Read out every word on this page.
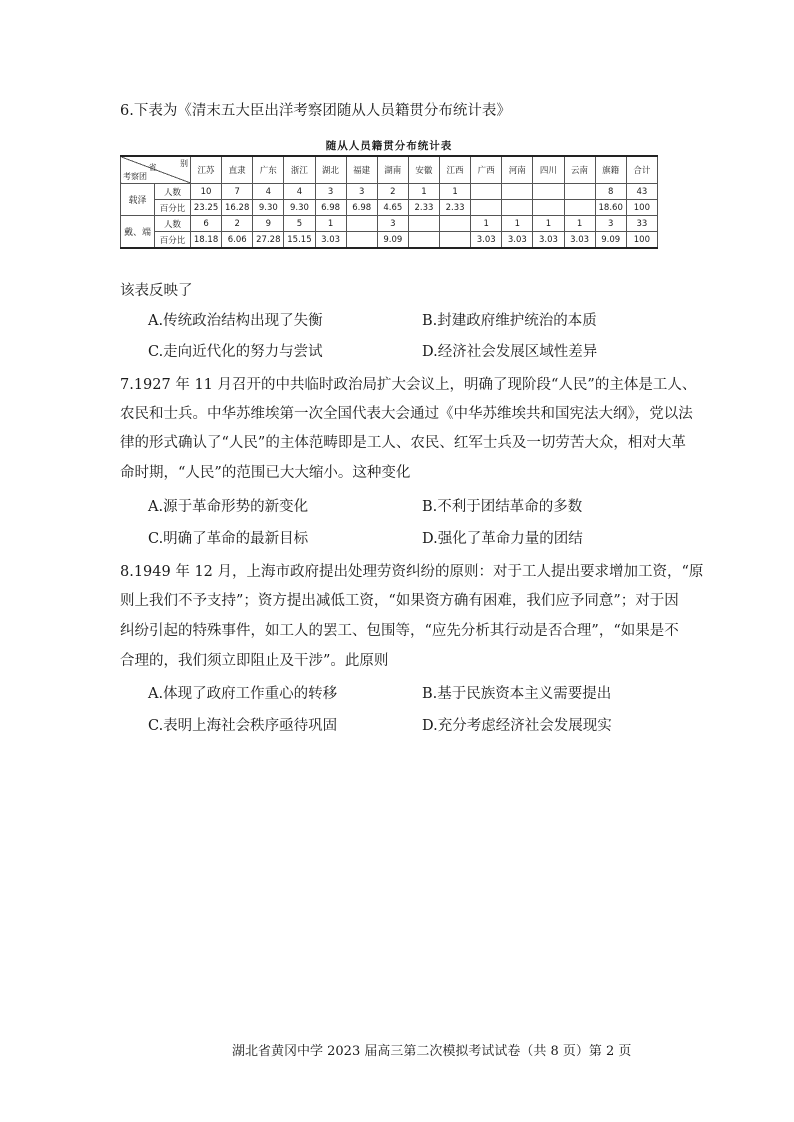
6.下表为《清末五大臣出洋考察团随从人员籍贯分布统计表》
随从人员籍贯分布统计表
考察团
省 别		江苏	直隶	广东	浙江	湖北	福建	湖南	安徽	江西	广西	河南	四川	云南	旗籍	合计
载泽	人数	10	7	4	4	3	3	2	1	1					8	43
	百分比	23.25	16.28	9.30	9.30	6.98	6.98	4.65	2.33	2.33					18.60	100
戴、端	人数	6	2	9	5	1		3			1	1	1	1	3	33
	百分比	18.18	6.06	27.28	15.15	3.03		9.09			3.03	3.03	3.03	3.03	9.09	100
该表反映了
A.传统政治结构出现了失衡	B.封建政府维护统治的本质
C.走向近代化的努力与尝试	D.经济社会发展区域性差异
7.1927 年 11 月召开的中共临时政治局扩大会议上，明确了现阶段“人民”的主体是工人、
农民和士兵。中华苏维埃第一次全国代表大会通过《中华苏维埃共和国宪法大纲》，党以法
律的形式确认了“人民”的主体范畴即是工人、农民、红军士兵及一切劳苦大众，相对大革
命时期，“人民”的范围已大大缩小。这种变化
A.源于革命形势的新变化	B.不利于团结革命的多数
C.明确了革命的最新目标	D.强化了革命力量的团结
8.1949 年 12 月，上海市政府提出处理劳资纠纷的原则：对于工人提出要求增加工资，“原
则上我们不予支持”；资方提出减低工资，“如果资方确有困难，我们应予同意”；对于因
纠纷引起的特殊事件，如工人的罢工、包围等，“应先分析其行动是否合理”，“如果是不
合理的，我们须立即阻止及干涉”。此原则
A.体现了政府工作重心的转移	B.基于民族资本主义需要提出
C.表明上海社会秩序亟待巩固	D.充分考虑经济社会发展现实
湖北省黄冈中学 2023 届高三第二次模拟考试试卷（共 8 页）第 2 页
